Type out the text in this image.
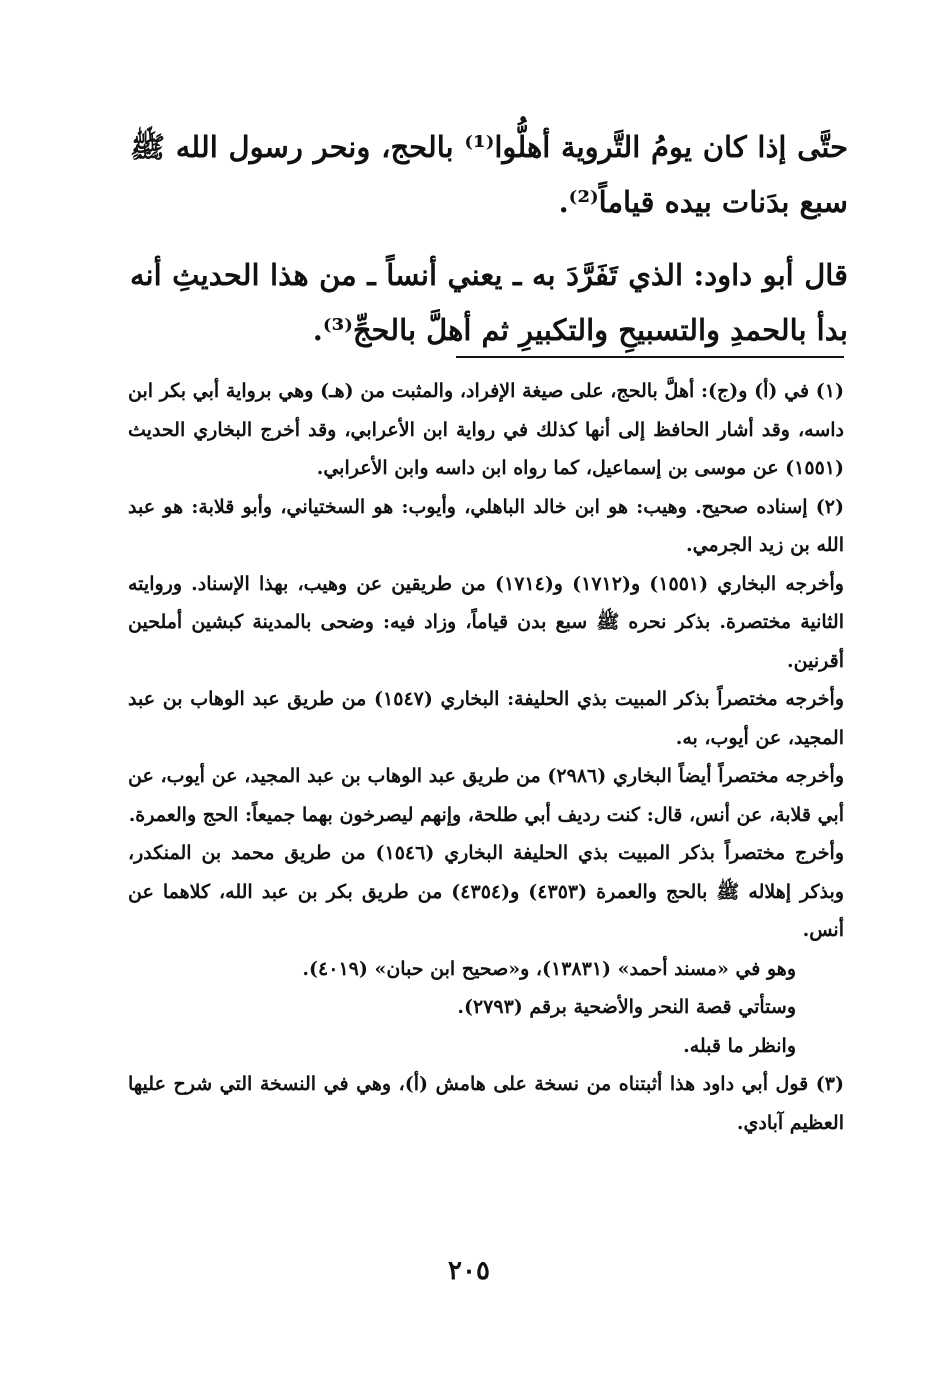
حتَّى إذا كان يومُ التَّروية أهلُّوا⁽¹⁾ بالحج، ونحر رسول الله ﷺ سبع بدَنات بيده قياماً⁽²⁾.

قال أبو داود: الذي تَفَرَّدَ به ـ يعني أنساً ـ من هذا الحديثِ أنه بدأ بالحمدِ والتسبيحِ والتكبيرِ ثم أهلَّ بالحجِّ⁽³⁾.

(١) في (أ) و(ج): أهلَّ بالحج، على صيغة الإفراد، والمثبت من (هـ) وهي برواية أبي بكر ابن داسه، وقد أشار الحافظ إلى أنها كذلك في رواية ابن الأعرابي، وقد أخرج البخاري الحديث (١٥٥١) عن موسى بن إسماعيل، كما رواه ابن داسه وابن الأعرابي.

(٢) إسناده صحيح. وهيب: هو ابن خالد الباهلي، وأيوب: هو السختياني، وأبو قلابة: هو عبد الله بن زيد الجرمي.

وأخرجه البخاري (١٥٥١) و(١٧١٢) و(١٧١٤) من طريقين عن وهيب، بهذا الإسناد. وروايته الثانية مختصرة. بذكر نحره ﷺ سبع بدن قياماً، وزاد فيه: وضحى بالمدينة كبشين أملحين أقرنين.

وأخرجه مختصراً بذكر المبيت بذي الحليفة: البخاري (١٥٤٧) من طريق عبد الوهاب بن عبد المجيد، عن أيوب، به.

وأخرجه مختصراً أيضاً البخاري (٢٩٨٦) من طريق عبد الوهاب بن عبد المجيد، عن أيوب، عن أبي قلابة، عن أنس، قال: كنت رديف أبي طلحة، وإنهم ليصرخون بهما جميعاً: الحج والعمرة.

وأخرج مختصراً بذكر المبيت بذي الحليفة البخاري (١٥٤٦) من طريق محمد بن المنكدر، وبذكر إهلاله ﷺ بالحج والعمرة (٤٣٥٣) و(٤٣٥٤) من طريق بكر بن عبد الله، كلاهما عن أنس.

وهو في «مسند أحمد» (١٣٨٣١)، و«صحيح ابن حبان» (٤٠١٩).

وستأتي قصة النحر والأضحية برقم (٢٧٩٣).

وانظر ما قبله.

(٣) قول أبي داود هذا أثبتناه من نسخة على هامش (أ)، وهي في النسخة التي شرح عليها العظيم آبادي.

٢٠٥
